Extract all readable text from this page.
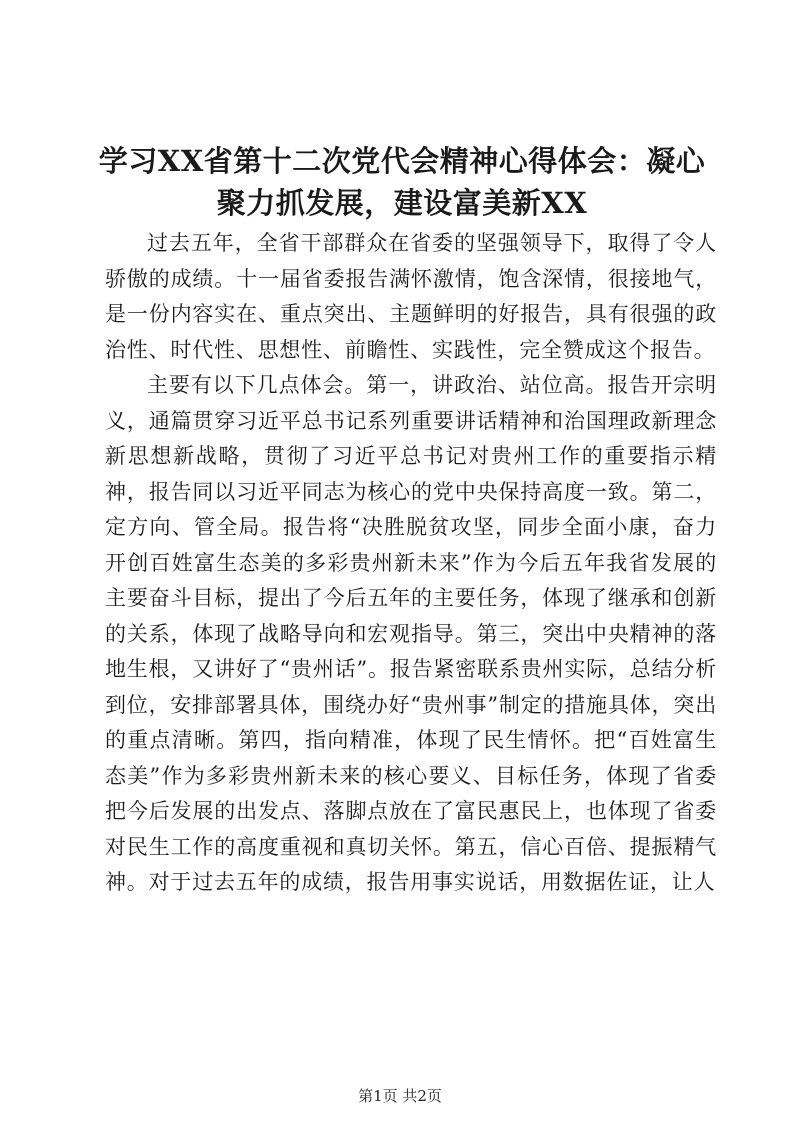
学习XX省第十二次党代会精神心得体会：凝心聚力抓发展，建设富美新XX

过去五年，全省干部群众在省委的坚强领导下，取得了令人骄傲的成绩。十一届省委报告满怀激情，饱含深情，很接地气，是一份内容实在、重点突出、主题鲜明的好报告，具有很强的政治性、时代性、思想性、前瞻性、实践性，完全赞成这个报告。

主要有以下几点体会。第一，讲政治、站位高。报告开宗明义，通篇贯穿习近平总书记系列重要讲话精神和治国理政新理念新思想新战略，贯彻了习近平总书记对贵州工作的重要指示精神，报告同以习近平同志为核心的党中央保持高度一致。第二，定方向、管全局。报告将“决胜脱贫攻坚，同步全面小康，奋力开创百姓富生态美的多彩贵州新未来”作为今后五年我省发展的主要奋斗目标，提出了今后五年的主要任务，体现了继承和创新的关系，体现了战略导向和宏观指导。第三，突出中央精神的落地生根，又讲好了“贵州话”。报告紧密联系贵州实际，总结分析到位，安排部署具体，围绕办好“贵州事”制定的措施具体，突出的重点清晰。第四，指向精准，体现了民生情怀。把“百姓富生态美”作为多彩贵州新未来的核心要义、目标任务，体现了省委把今后发展的出发点、落脚点放在了富民惠民上，也体现了省委对民生工作的高度重视和真切关怀。第五，信心百倍、提振精气神。对于过去五年的成绩，报告用事实说话，用数据佐证，让人

第1页 共2页
